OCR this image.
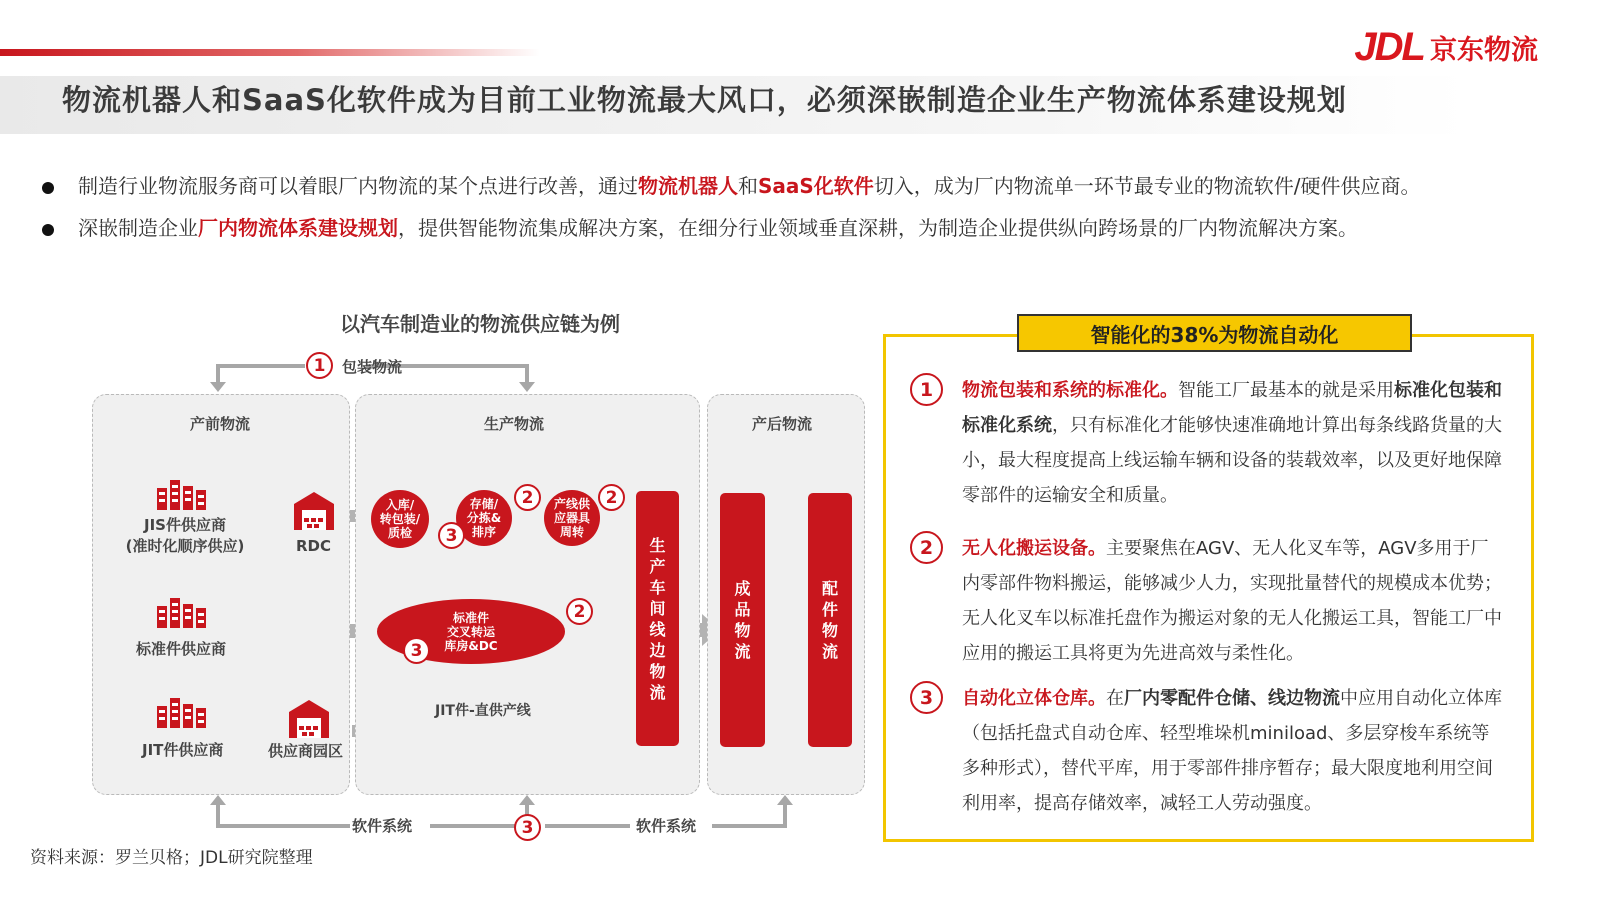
JDL 京东物流
物流机器人和SaaS化软件成为目前工业物流最大风口，必须深嵌制造企业生产物流体系建设规划
制造行业物流服务商可以着眼厂内物流的某个点进行改善，通过物流机器人和SaaS化软件切入，成为厂内物流单一环节最专业的物流软件/硬件供应商。
深嵌制造企业厂内物流体系建设规划，提供智能物流集成解决方案，在细分行业领域垂直深耕，为制造企业提供纵向跨场景的厂内物流解决方案。
以汽车制造业的物流供应链为例
1	包装物流
产前物流	生产物流	产后物流
JIS件供应商
(准时化顺序供应)	RDC
标准件供应商
JIT件供应商	供应商园区
入库/
转包装/
质检
存储/
分拣&
排序
产线供
应器具
周转
标准件
交叉转运
库房&DC
3
2	2
2
3
JIT件-直供产线
生产车间 线边物流
成品物流
配件物流
软件系统	3	软件系统
资料来源：罗兰贝格；JDL研究院整理
智能化的38%为物流自动化
1	物流包装和系统的标准化。智能工厂最基本的就是采用标准化包装和标准化系统，只有标准化才能够快速准确地计算出每条线路货量的大小，最大程度提高上线运输车辆和设备的装载效率，以及更好地保障零部件的运输安全和质量。
2	无人化搬运设备。主要聚焦在AGV、无人化叉车等，AGV多用于厂内零部件物料搬运，能够减少人力，实现批量替代的规模成本优势；无人化叉车以标准托盘作为搬运对象的无人化搬运工具，智能工厂中应用的搬运工具将更为先进高效与柔性化。
3	自动化立体仓库。在厂内零配件仓储、线边物流中应用自动化立体库（包括托盘式自动仓库、轻型堆垛机miniload、多层穿梭车系统等多种形式），替代平库，用于零部件排序暂存；最大限度地利用空间利用率，提高存储效率，减轻工人劳动强度。
